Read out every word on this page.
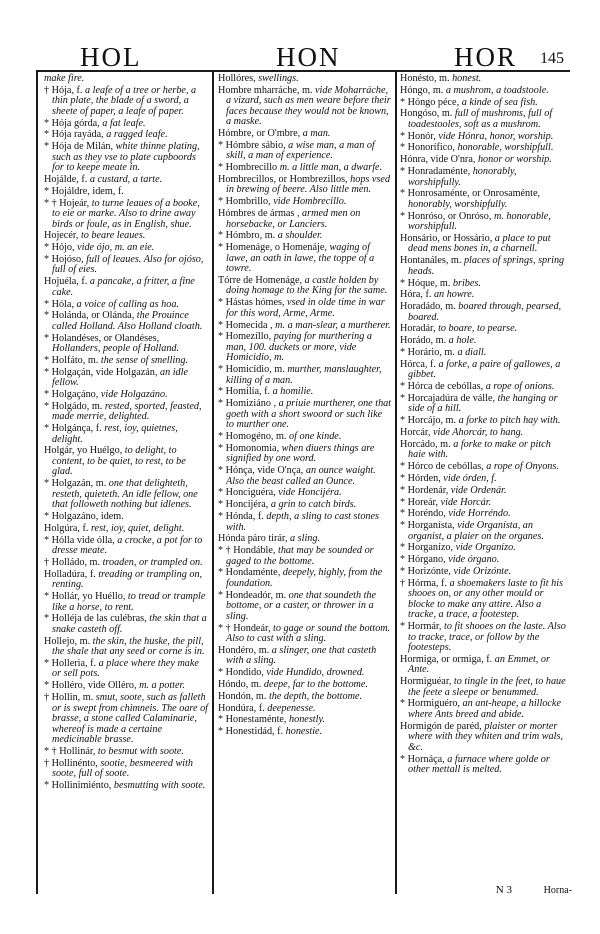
HOL	HON	HOR 145
make fire.
† Hója, f. a leafe of a tree or herbe, a thin plate, the blade of a sword, a sheete of paper, a leafe of paper.
* Hója górda, a fat leafe.
* Hója rayáda, a ragged leafe.
* Hója de Milán, white thinne plating, such as they vse to plate cupboords for to keepe meate in.
Hojálde, f. a custard, a tarte.
* Hojáldre, idem, f.
* † Hojeár, to turne leaues of a booke, to eie or marke. Also to drine away birds or foule, as in English, shue.
Hojecér, to beare leaues.
* Hójo, vide ójo, m. an eie.
* Hojóso, full of leaues. Also for ojóso, full of eies.
Hojuéla, f. a pancake, a fritter, a fine cake.
* Hóla, a voice of calling as hoa.
* Holánda, or Olánda, the Prouince called Holland. Also Holland cloath.
* Holandéses, or Olandéses, Hollanders, people of Holland.
* Holfáto, m. the sense of smelling.
* Holgaçán, vide Holgazán, an idle fellow.
* Holgaçáno, vide Holgazáno.
* Holgádo, m. rested, sported, feasted, made merrie, delighted.
* Holgánça, f. rest, ioy, quietnes, delight.
Holgár, yo Huélgo, to delight, to content, to be quiet, to rest, to be glad.
* Holgazán, m. one that delighteth, resteth, quieteth. An idle fellow, one that followeth nothing but idlenes.
* Holgazáno, idem.
Holgúra, f. rest, ioy, quiet, delight.
* Hólla vide ólla, a crocke, a pot for to dresse meate.
† Holládo, m. troaden, or trampled on.
Holladúra, f. treading or trampling on, renting.
* Hollár, yo Huéllo, to tread or trample like a horse, to rent.
* Holléja de las culébras, the skin that a snake casteth off.
Hollejo, m. the skin, the huske, the pill, the shale that any seed or corne is in.
* Holleria, f. a place where they make or sell pots.
* Holléro, vide Olléro, m. a potter.
† Hollin, m. smut, soote, such as falleth or is swept from chimneis. The oare of brasse, a stone called Calaminarie, whereof is made a certaine medicinable brasse.
* † Hollinár, to besmut with soote.
† Hollinénto, sootie, besmeered with soote, full of soote.
* Hollinimiénto, besmutting with soote.
Hollóres, swellings.
Hombre mharráche, m. vide Moharráche, a vizard, such as men weare before their faces because they would not be known, a maske.
Hómbre, or O'mbre, a man.
* Hómbre sábio, a wise man, a man of skill, a man of experience.
* Hombrecillo m. a little man, a dwarfe.
Hombrecillos, or Hombrezillos, hops vsed in brewing of beere. Also little men.
* Hombrillo, vide Hombrecillo.
Hómbres de ármas , armed men on horsebacke, or Lanciers.
* Hómbro, m. a shoulder.
* Homenáge, o Homenáje, waging of lawe, an oath in lawe, the toppe of a towre.
Tórre de Homenáge, a castle holden by doing homage to the King for the same.
* Hástas hómes, vsed in olde time in war for this word, Arme, Arme.
* Homecida , m. a man-slear, a murtherer.
* Homezíllo, paying for murthering a man, 100. duckets or more, vide Homicidio, m.
* Homicídio, m. murther, manslaughter, killing of a man.
* Homilía, f. a homilie.
* Homiziáno , a priuie murtherer, one that goeth with a short swoord or such like to murther one.
* Homogéno, m. of one kinde.
* Homonomia, when diuers things are signified by one word.
* Hónça, vide O'nça, an ounce waight. Also the beast called an Ounce.
* Honciguéra, vide Honcijéra.
* Honcijéra, a grin to catch birds.
* Hónda, f. depth, a sling to cast stones with.
Hónda páro tirár, a sling.
* † Hondáble, that may be sounded or gaged to the bottome.
* Hondaménte, deepely, highly, from the foundation.
* Hondeadór, m. one that soundeth the bottome, or a caster, or thrower in a sling.
* † Hondeár, to gage or sound the bottom. Also to cast with a sling.
Hondéro, m. a slinger, one that casteth with a sling.
* Hondido, vide Hundido, drowned.
Hóndo, m. deepe, far to the bottome.
Hondón, m. the depth, the bottome.
Hondúra, f. deepenesse.
* Honestaménte, honestly.
* Honestidád, f. honestie.
Honésto, m. honest.
Hóngo, m. a mushrom, a toadstoole.
* Hóngo péce, a kinde of sea fish.
Hongóso, m. full of mushroms, full of toadestooles, soft as a mushrom.
* Honór, vide Hónra, honor, worship.
* Honorífico, honorable, worshipfull.
Hónra, vide O'nra, honor or worship.
* Honradaménte, honorably, worshipfully.
* Honrosaménte, or Onrosaménte, honorably, worshipfully.
* Honróso, or Onróso, m. honorable, worshipfull.
Honsário, or Hossário, a place to put dead mens bones in, a charnell.
Hontanáles, m. places of springs, spring heads.
* Hóque, m. bribes.
Hóra, f. an howre.
Horadádo, m. boared through, pearsed, boared.
Horadár, to boare, to pearse.
Horádo, m. a hole.
* Horário, m. a diall.
Hórca, f. a forke, a paire of gallowes, a gibbet.
* Hórca de cebóllas, a rope of onions.
* Horcajadúra de válle, the hanging or side of a hill.
* Horcájo, m. a forke to pitch hay with.
Horcár, vide Ahorcár, to hang.
Horcádo, m. a forke to make or pitch haie with.
* Hórco de cebóllas, a rope of Onyons.
* Hórden, vide órden, f.
* Hordenár, vide Ordenár.
* Horeár, vide Horcár.
* Horéndo, vide Horréndo.
* Horganísta, vide Organísta, an organist, a plaier on the organes.
* Horganízo, vide Organízo.
* Hórgano, vide órgano.
* Horizónte, vide Orizónte.
† Hórma, f. a shoemakers laste to fit his shooes on, or any other mould or blocke to make any attire. Also a tracke, a trace, a footestep.
* Hormár, to fit shooes on the laste. Also to tracke, trace, or follow by the footesteps.
Hormiga, or ormiga, f. an Emmet, or Ante.
Hormiguéar, to tingle in the feet, to haue the feete a sleepe or benummed.
* Hormiguéro, an ant-heape, a hillocke where Ants breed and abide.
Hormigón de paréd, plaister or morter where with they whiten and trim wals, &c.
* Hornáça, a furnace where golde or other mettall is melted.
N 3	Horna-
